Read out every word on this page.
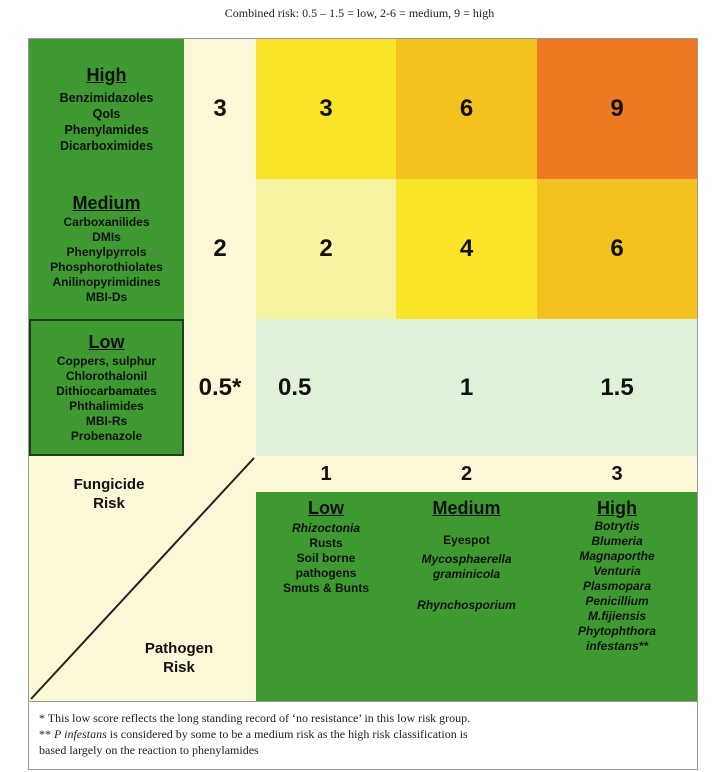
Combined risk: 0.5 – 1.5 = low, 2-6 = medium, 9 = high
High
Benzimidazoles
QoIs
Phenylamides
Dicarboximides
3	3	6	9
Medium
Carboxanilides
DMIs
Phenylpyrrols
Phosphorothiolates
Anilinopyrimidines
MBI-Ds
2	2	4	6
Low
Coppers, sulphur
Chlorothalonil
Dithiocarbamates
Phthalimides
MBI-Rs
Probenazole
0.5*	0.5	1	1.5
Fungicide
Risk
Pathogen
Risk
1	2	3
Low
Rhizoctonia
Rusts
Soil borne
pathogens
Smuts & Bunts
Medium
Eyespot
Mycosphaerella
graminicola
Rhynchosporium
High
Botrytis
Blumeria
Magnaporthe
Venturia
Plasmopara
Penicillium
M.fijiensis
Phytophthora
infestans**
* This low score reflects the long standing record of ‘no resistance’ in this low risk group.
** P infestans is considered by some to be a medium risk as the high risk classification is
based largely on the reaction to phenylamides
